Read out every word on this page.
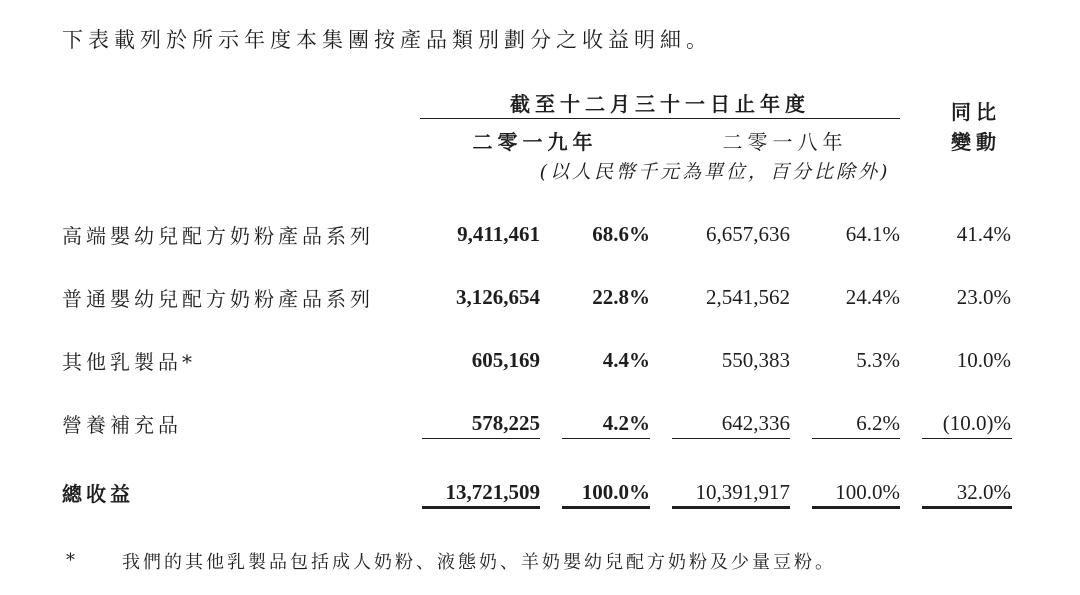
下表載列於所示年度本集團按產品類別劃分之收益明細。
截至十二月三十一日止年度
二零一九年	二零一八年
(以人民幣千元為單位，百分比除外)
同比
變動
高端嬰幼兒配方奶粉產品系列	9,411,461	68.6%	6,657,636	64.1%	41.4%
普通嬰幼兒配方奶粉產品系列	3,126,654	22.8%	2,541,562	24.4%	23.0%
其他乳製品*	605,169	4.4%	550,383	5.3%	10.0%
營養補充品	578,225	4.2%	642,336	6.2%	(10.0)%
總收益	13,721,509	100.0%	10,391,917	100.0%	32.0%
* 我們的其他乳製品包括成人奶粉、液態奶、羊奶嬰幼兒配方奶粉及少量豆粉。
